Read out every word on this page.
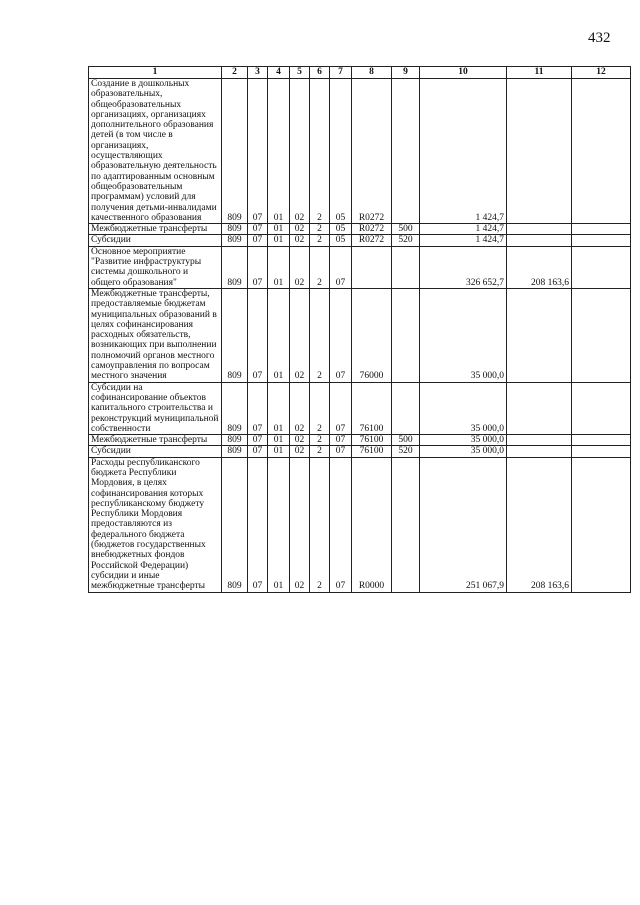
432
1	2	3	4	5	6	7	8	9	10	11	12
Создание в дошкольных образовательных, общеобразовательных организациях, организациях дополнительного образования детей (в том числе в организациях, осуществляющих образовательную деятельность по адаптированным основным общеобразовательным программам) условий для получения детьми-инвалидами качественного образования	809	07	01	02	2	05	R0272		1 424,7		
Межбюджетные трансферты	809	07	01	02	2	05	R0272	500	1 424,7		
Субсидии	809	07	01	02	2	05	R0272	520	1 424,7		
Основное мероприятие "Развитие инфраструктуры системы дошкольного и общего образования"	809	07	01	02	2	07			326 652,7	208 163,6	
Межбюджетные трансферты, предоставляемые бюджетам муниципальных образований в целях софинансирования расходных обязательств, возникающих при выполнении полномочий органов местного самоуправления по вопросам местного значения	809	07	01	02	2	07	76000		35 000,0		
Субсидии на софинансирование объектов капитального строительства и реконструкций муниципальной собственности	809	07	01	02	2	07	76100		35 000,0		
Межбюджетные трансферты	809	07	01	02	2	07	76100	500	35 000,0		
Субсидии	809	07	01	02	2	07	76100	520	35 000,0		
Расходы республиканского бюджета Республики Мордовия, в целях софинансирования которых республиканскому бюджету Республики Мордовия предоставляются из федерального бюджета (бюджетов государственных внебюджетных фондов Российской Федерации) субсидии и иные межбюджетные трансферты	809	07	01	02	2	07	R0000		251 067,9	208 163,6	
